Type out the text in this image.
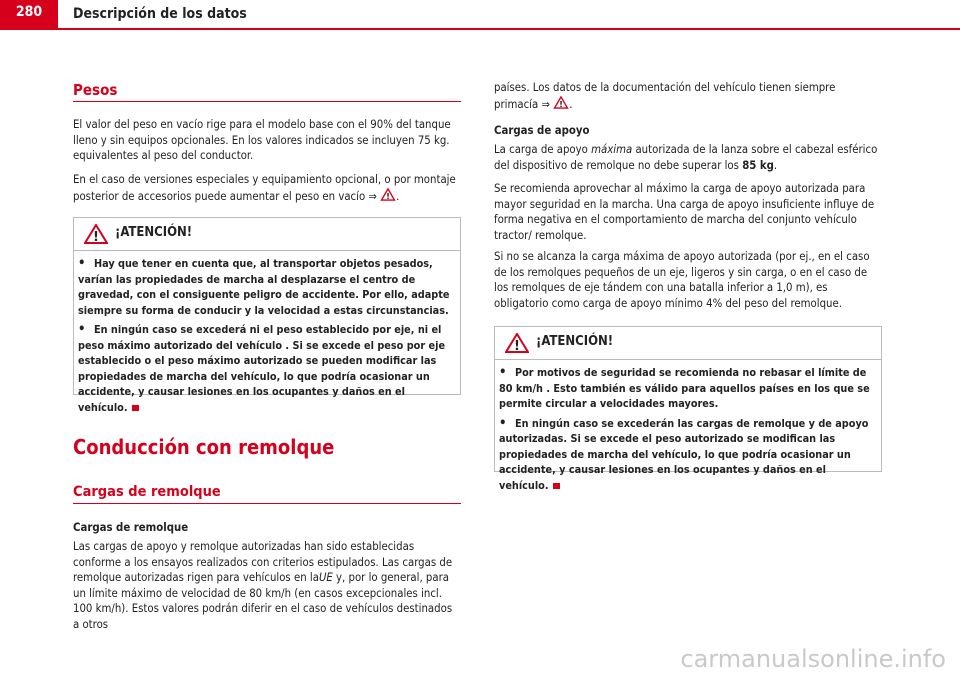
280	Descripción de los datos
Pesos

El valor del peso en vacío rige para el modelo base con el 90% del tanque lleno y sin equipos opcionales. En los valores indicados se incluyen 75 kg. equivalentes al peso del conductor.

En el caso de versiones especiales y equipamiento opcional, o por montaje posterior de accesorios puede aumentar el peso en vacío ⇒ ! .

! ¡ATENCIÓN!

• Hay que tener en cuenta que, al transportar objetos pesados, varían las propiedades de marcha al desplazarse el centro de gravedad, con el consiguente peligro de accidente. Por ello, adapte siempre su forma de conducir y la velocidad a estas circunstancias.

• En ningún caso se excederá ni el peso establecido por eje, ni el peso máximo autorizado del vehículo . Si se excede el peso por eje establecido o el peso máximo autorizado se pueden modificar las propiedades de marcha del vehículo, lo que podría ocasionar un accidente, y causar lesiones en los ocupantes y daños en el vehículo.

Conducción con remolque
Cargas de remolque

Cargas de remolque

Las cargas de apoyo y remolque autorizadas han sido establecidas conforme a los ensayos realizados con criterios estipulados. Las cargas de remolque autorizadas rigen para vehículos en laUE y, por lo general, para un límite máximo de velocidad de 80 km/h (en casos excepcionales incl. 100 km/h). Estos valores podrán diferir en el caso de vehículos destinados a otros

países. Los datos de la documentación del vehículo tienen siempre primacía ⇒ ! .

Cargas de apoyo

La carga de apoyo máxima autorizada de la lanza sobre el cabezal esférico del dispositivo de remolque no debe superar los 85 kg.

Se recomienda aprovechar al máximo la carga de apoyo autorizada para mayor seguridad en la marcha. Una carga de apoyo insuficiente influye de forma negativa en el comportamiento de marcha del conjunto vehículo tractor/ remolque.

Si no se alcanza la carga máxima de apoyo autorizada (por ej., en el caso de los remolques pequeños de un eje, ligeros y sin carga, o en el caso de los remolques de eje tándem con una batalla inferior a 1,0 m), es obligatorio como carga de apoyo mínimo 4% del peso del remolque.

! ¡ATENCIÓN!

• Por motivos de seguridad se recomienda no rebasar el límite de 80 km/h . Esto también es válido para aquellos países en los que se permite circular a velocidades mayores.

• En ningún caso se excederán las cargas de remolque y de apoyo autorizadas. Si se excede el peso autorizado se modifican las propiedades de marcha del vehículo, lo que podría ocasionar un accidente, y causar lesiones en los ocupantes y daños en el vehículo.

carmanualsonline.info
